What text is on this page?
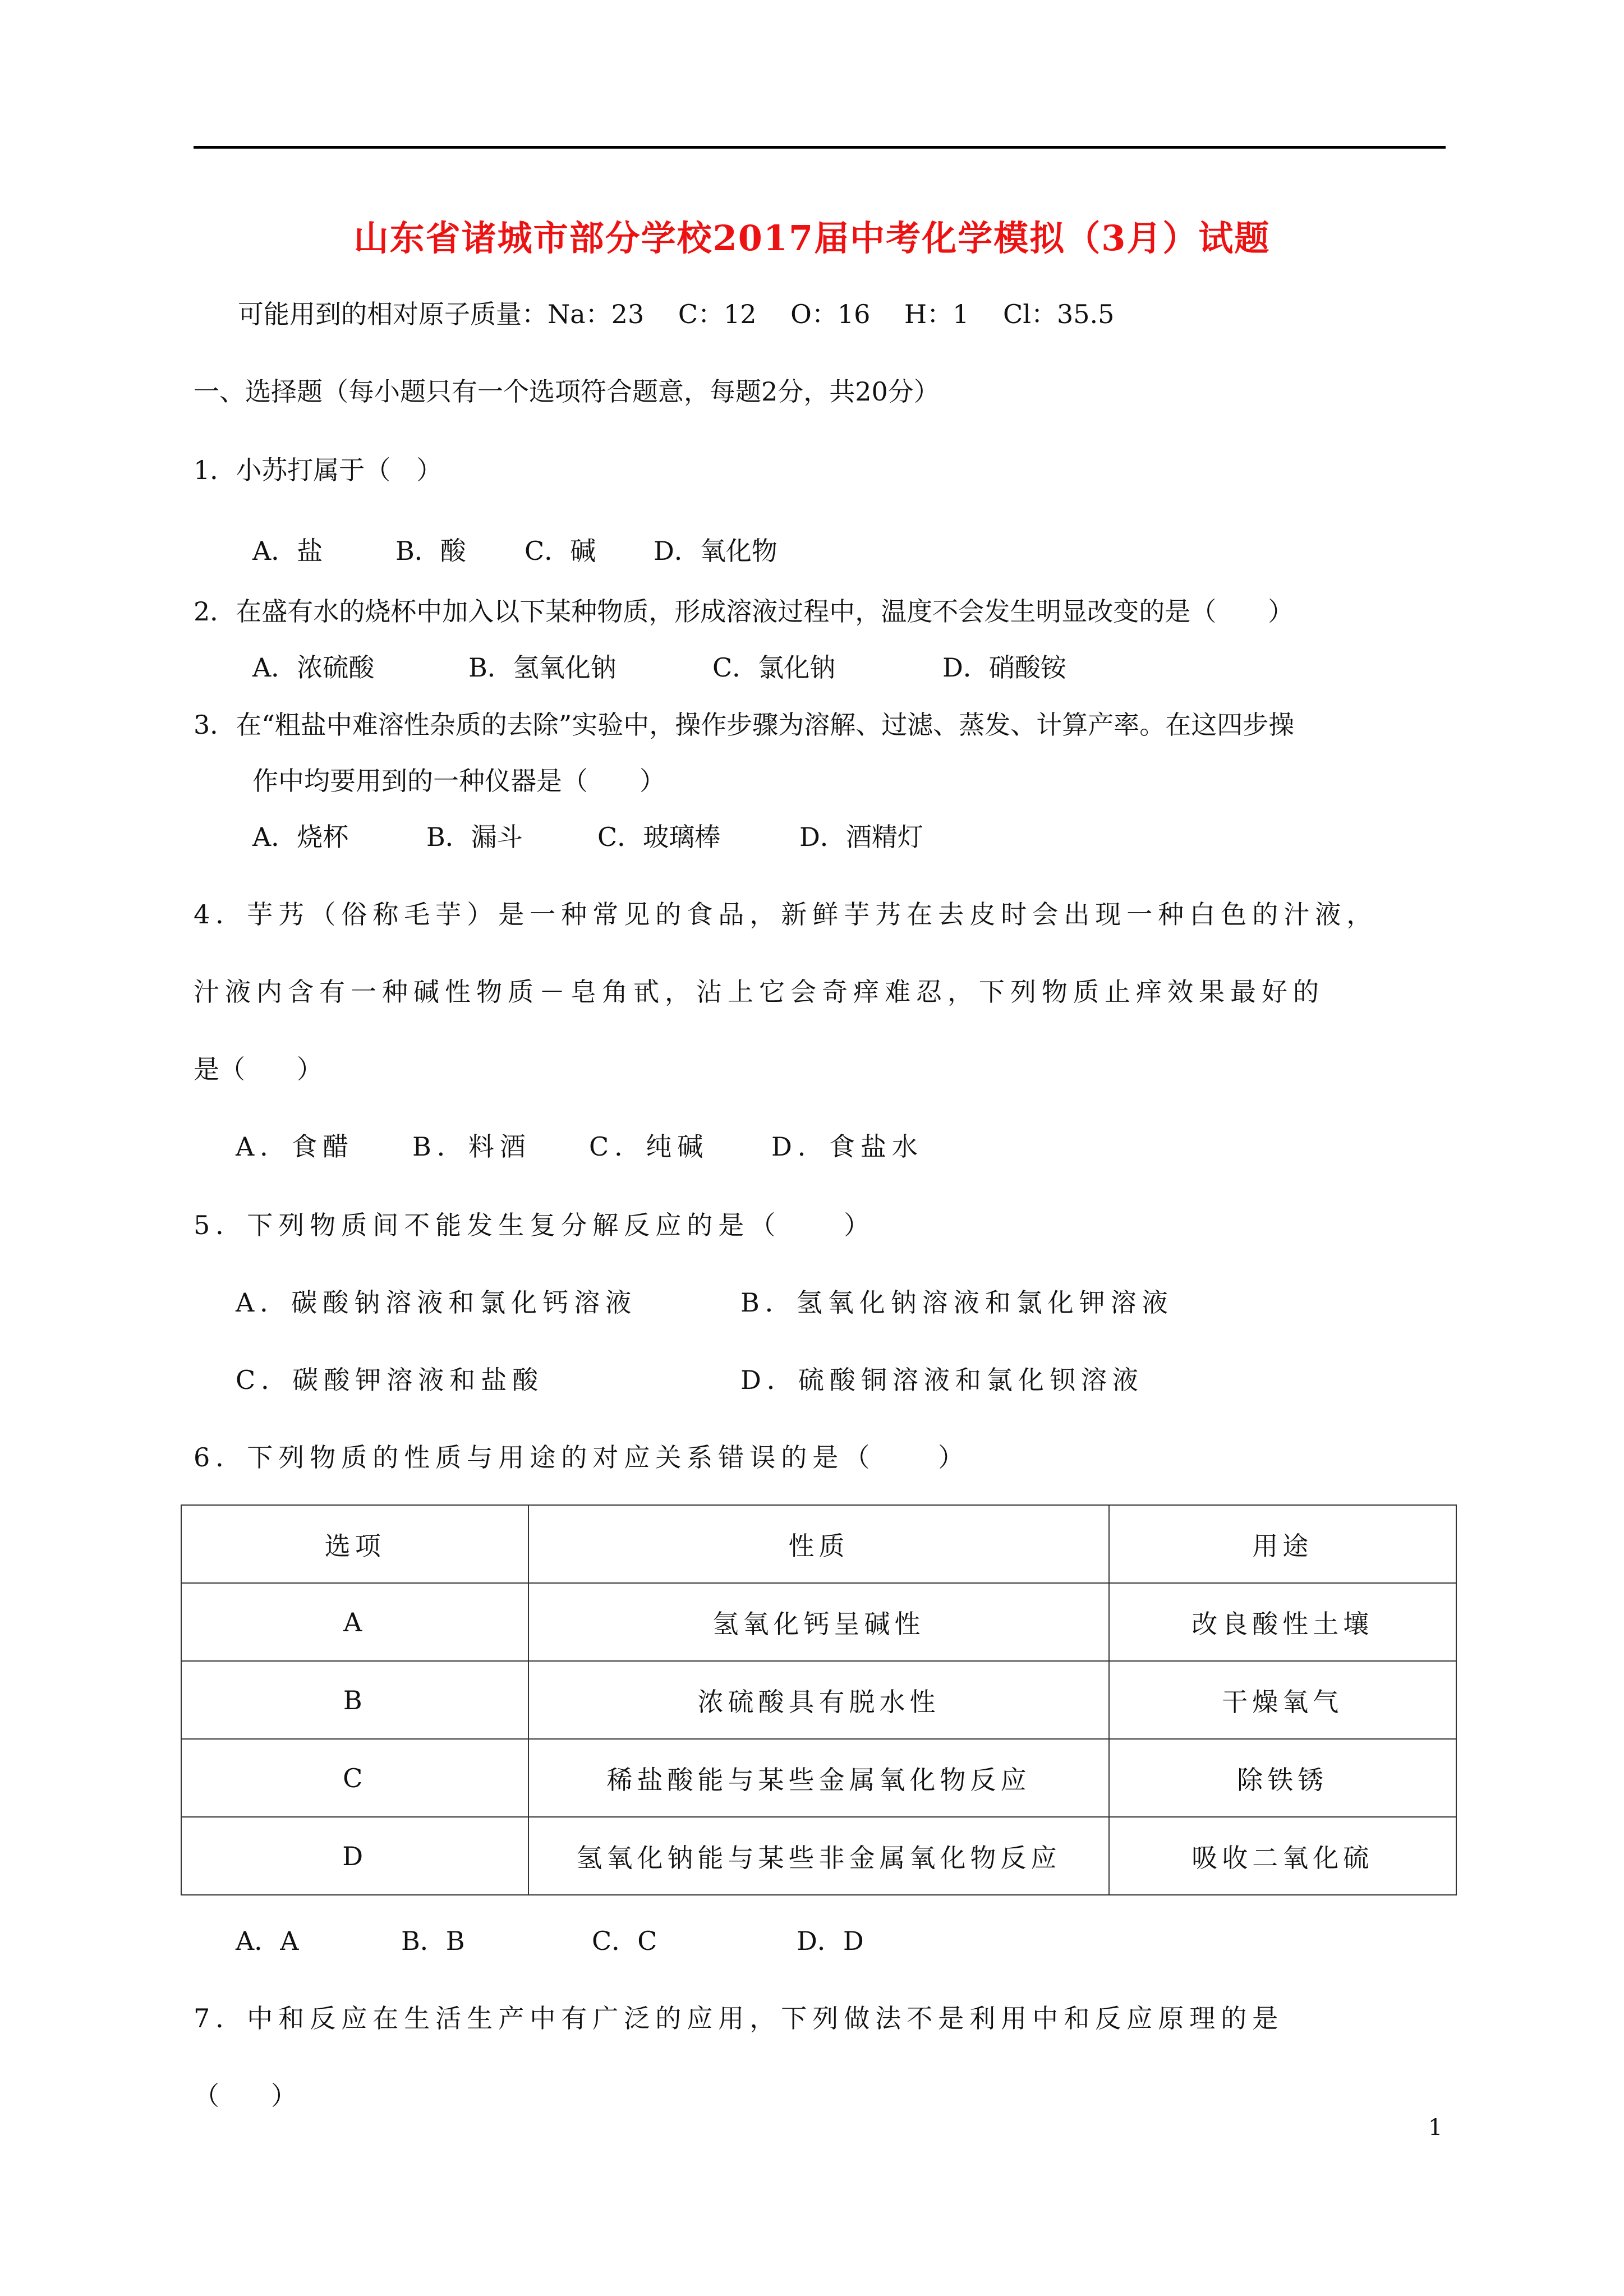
山东省诸城市部分学校2017届中考化学模拟（3月）试题
可能用到的相对原子质量：Na：23　 C：12　 O：16　 H：1　 Cl：35.5
一、选择题（每小题只有一个选项符合题意，每题2分，共20分）
1．小苏打属于（　）
A．盐	B．酸 C．碱 D．氧化物
2．在盛有水的烧杯中加入以下某种物质，形成溶液过程中，温度不会发生明显改变的是（　　）
A．浓硫酸	B．氢氧化钠	C．氯化钠	D．硝酸铵
3．在“粗盐中难溶性杂质的去除”实验中，操作步骤为溶解、过滤、蒸发、计算产率。在这四步操
作中均要用到的一种仪器是（　　）
A．烧杯	B．漏斗	C．玻璃棒	D．酒精灯
4．芋艿（俗称毛芋）是一种常见的食品，新鲜芋艿在去皮时会出现一种白色的汁液，
汁液内含有一种碱性物质－皂角甙，沾上它会奇痒难忍，下列物质止痒效果最好的
是（　　）
A．食醋 B．料酒 C．纯碱 D．食盐水
5．下列物质间不能发生复分解反应的是（　　）
A．碳酸钠溶液和氯化钙溶液	B．氢氧化钠溶液和氯化钾溶液
C．碳酸钾溶液和盐酸	D．硫酸铜溶液和氯化钡溶液
6．下列物质的性质与用途的对应关系错误的是（　　）
选项	性质	用途
A	氢氧化钙呈碱性	改良酸性土壤
B	浓硫酸具有脱水性	干燥氧气
C	稀盐酸能与某些金属氧化物反应	除铁锈
D	氢氧化钠能与某些非金属氧化物反应	吸收二氧化硫
A．A	B．B	C．C	D．D
7．中和反应在生活生产中有广泛的应用，下列做法不是利用中和反应原理的是
（　　）
1
